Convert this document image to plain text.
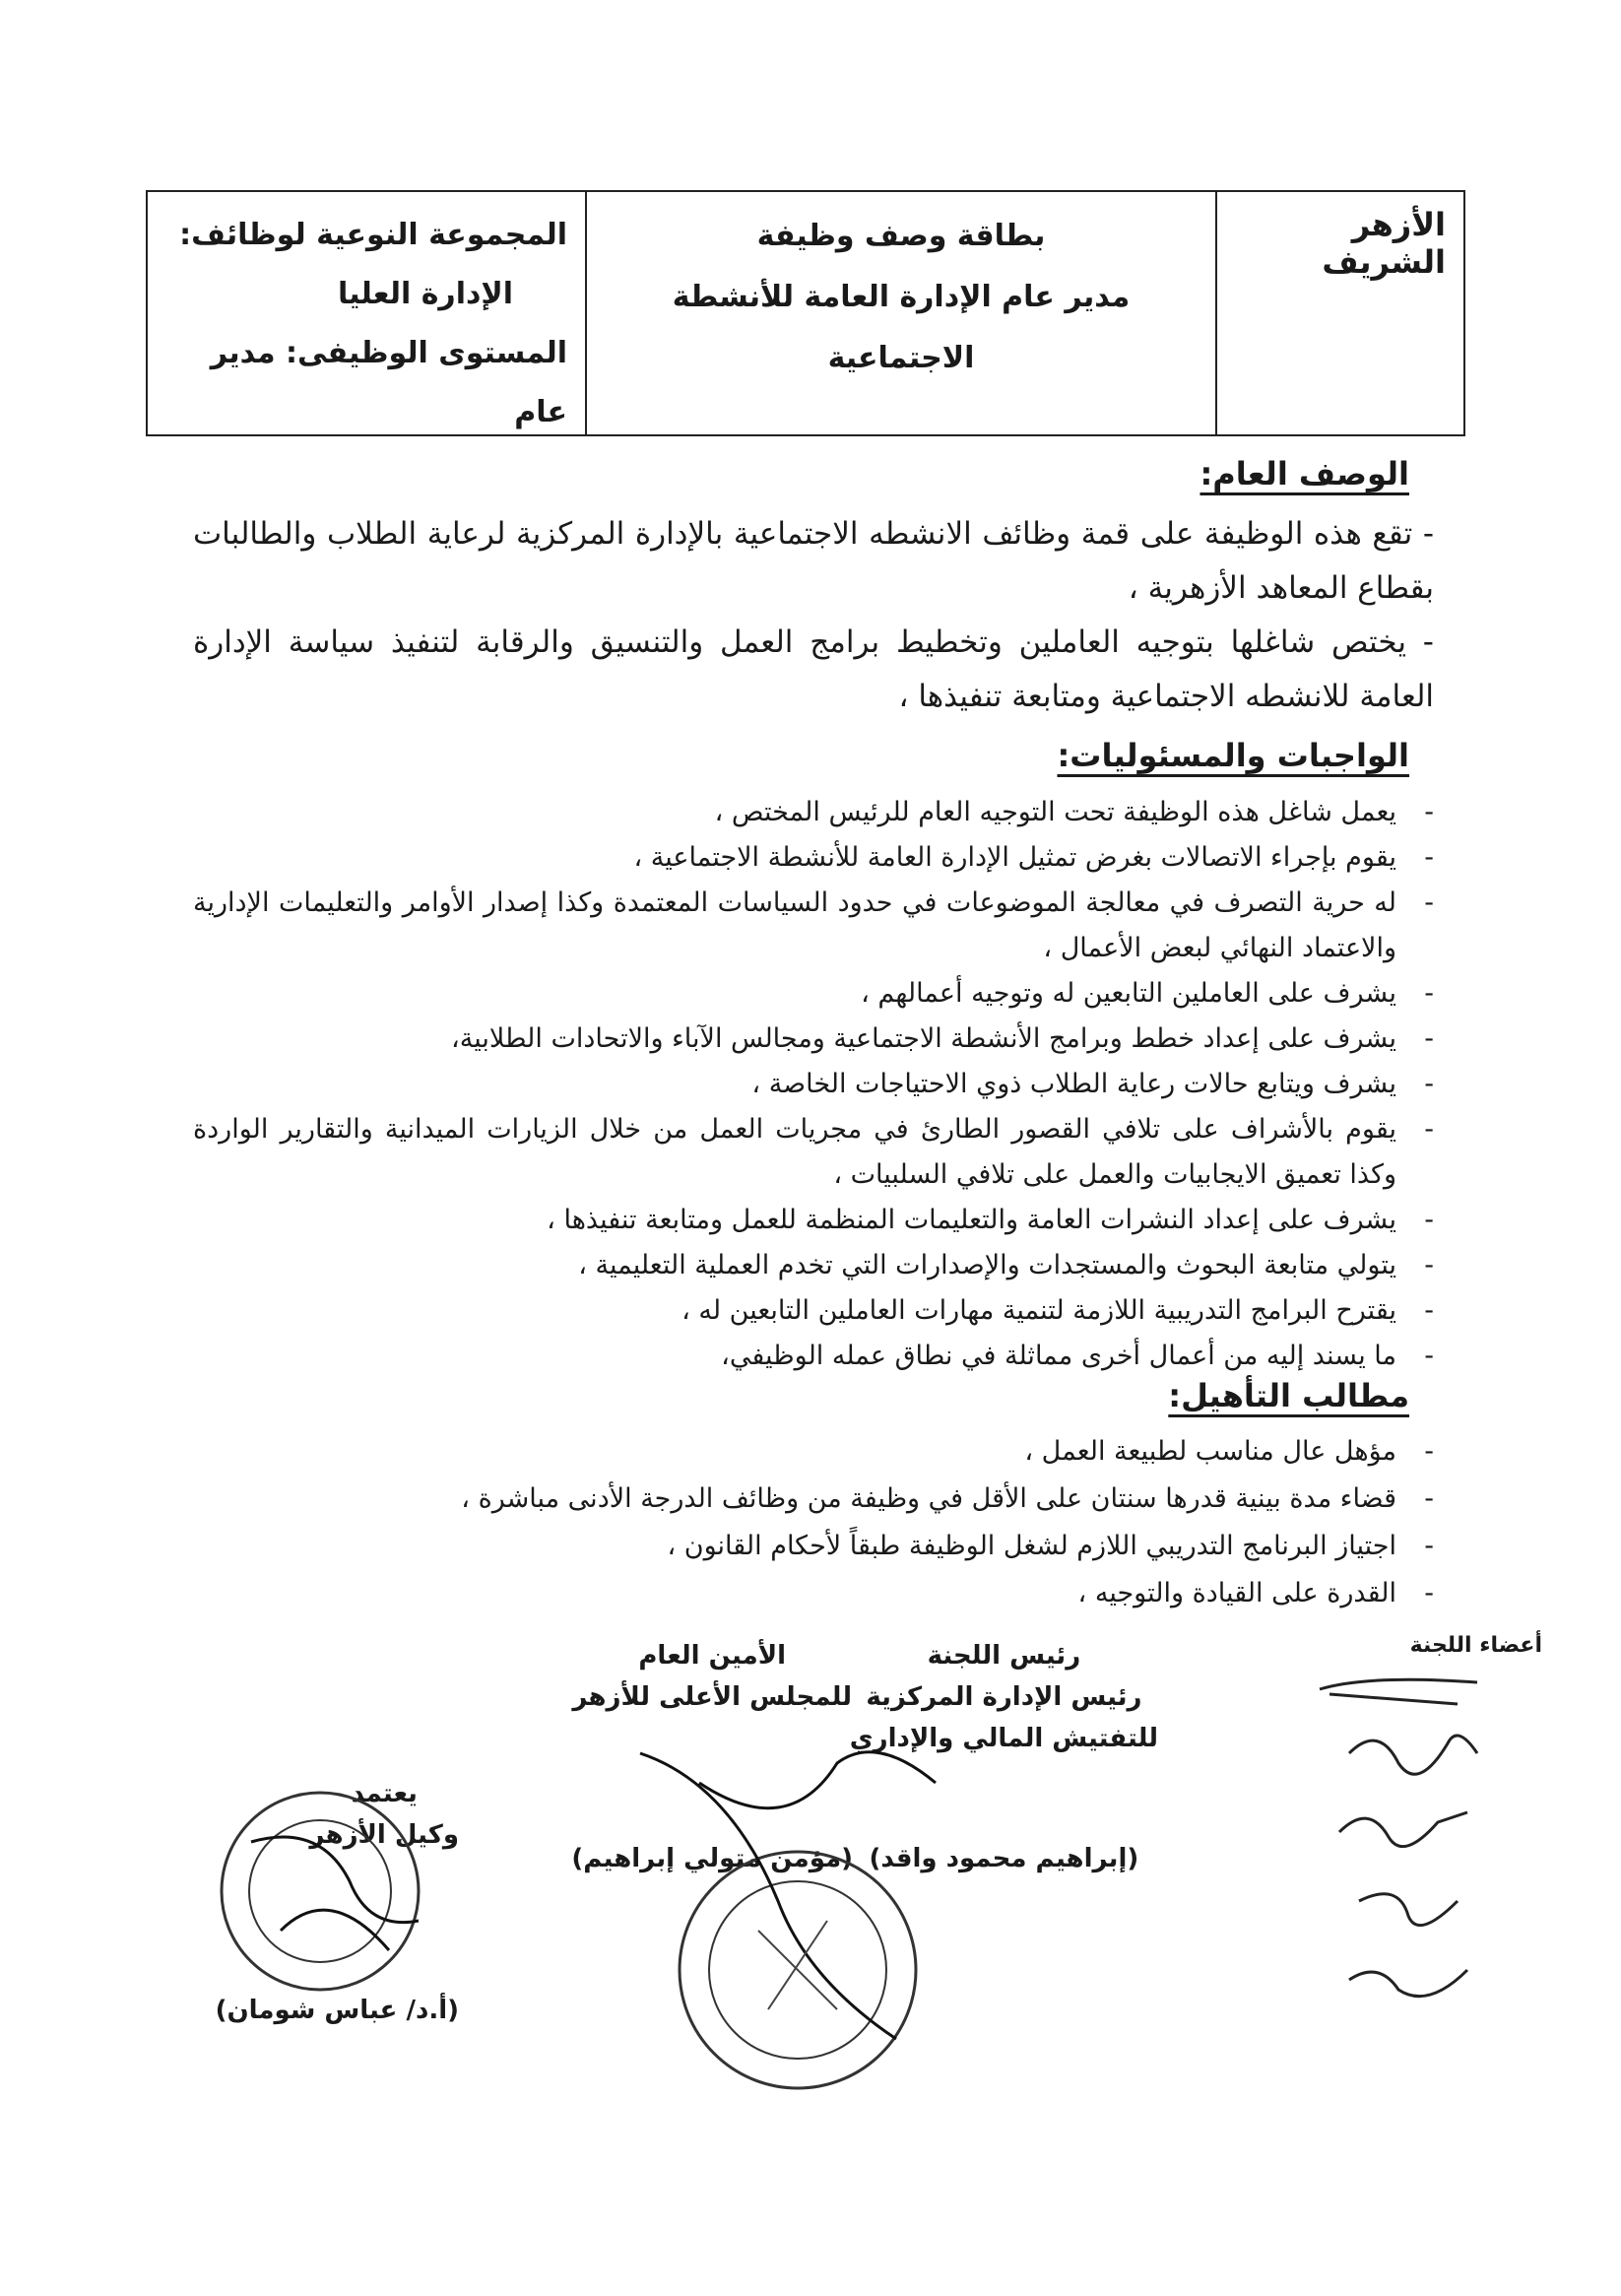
الأزهر الشريف
بطاقة وصف وظيفة
مدير عام الإدارة العامة للأنشطة الاجتماعية
المجموعة النوعية لوظائف:
الإدارة العليا
المستوى الوظيفى: مدير عام
الوصف العام:
- تقع هذه الوظيفة على قمة وظائف الانشطه الاجتماعية بالإدارة المركزية لرعاية الطلاب والطالبات بقطاع المعاهد الأزهرية ،
- يختص شاغلها بتوجيه العاملين وتخطيط برامج العمل والتنسيق والرقابة لتنفيذ سياسة الإدارة العامة للانشطه الاجتماعية ومتابعة تنفيذها ،
الواجبات والمسئوليات:
- يعمل شاغل هذه الوظيفة تحت التوجيه العام للرئيس المختص ،
- يقوم بإجراء الاتصالات بغرض تمثيل الإدارة العامة للأنشطة الاجتماعية ،
- له حرية التصرف في معالجة الموضوعات في حدود السياسات المعتمدة وكذا إصدار الأوامر والتعليمات الإدارية والاعتماد النهائي لبعض الأعمال ،
- يشرف على العاملين التابعين له وتوجيه أعمالهم ،
- يشرف على إعداد خطط وبرامج الأنشطة الاجتماعية ومجالس الآباء والاتحادات الطلابية،
- يشرف ويتابع حالات رعاية الطلاب ذوي الاحتياجات الخاصة ،
- يقوم بالأشراف على تلافي القصور الطارئ في مجريات العمل من خلال الزيارات الميدانية والتقارير الواردة وكذا تعميق الايجابيات والعمل على تلافي السلبيات ،
- يشرف على إعداد النشرات العامة والتعليمات المنظمة للعمل ومتابعة تنفيذها ،
- يتولي متابعة البحوث والمستجدات والإصدارات التي تخدم العملية التعليمية ،
- يقترح البرامج التدريبية اللازمة لتنمية مهارات العاملين التابعين له ،
- ما يسند إليه من أعمال أخرى مماثلة في نطاق عمله الوظيفي،
مطالب التأهيل:
- مؤهل عال مناسب لطبيعة العمل ،
- قضاء مدة بينية قدرها سنتان على الأقل في وظيفة من وظائف الدرجة الأدنى مباشرة ،
- اجتياز البرنامج التدريبي اللازم لشغل الوظيفة طبقاً لأحكام القانون ،
- القدرة على القيادة والتوجيه ،
أعضاء اللجنة
رئيس اللجنة
رئيس الإدارة المركزية
للتفتيش المالي والإداري
(إبراهيم محمود واقد)
الأمين العام
للمجلس الأعلى للأزهر
(مؤمن متولي إبراهيم)
يعتمد
وكيل الأزهر
(أ.د/ عباس شومان)
